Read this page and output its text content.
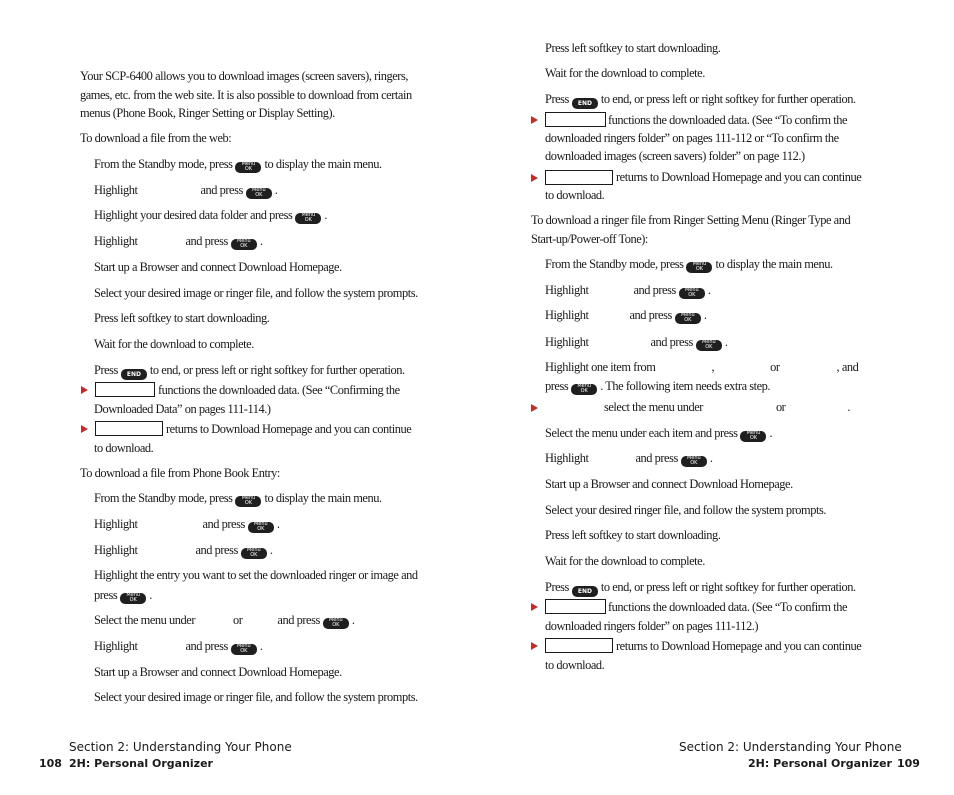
Your SCP-6400 allows you to download images (screen savers), ringers,
games, etc. from the web site. It is also possible to download from certain
menus (Phone Book, Ringer Setting or Display Setting).
To download a file from the web:
From the Standby mode, press Menu
OK to display the main menu.
Highlight	and press Menu
OK .
Highlight your desired data folder and press Menu
OK .
Highlight	and press Menu
OK .
Start up a Browser and connect Download Homepage.
Select your desired image or ringer file, and follow the system prompts.
Press left softkey to start downloading.
Wait for the download to complete.
Press END to end, or press left or right softkey for further operation.
functions the downloaded data. (See “Confirming the
Downloaded Data” on pages 111-114.)
returns to Download Homepage and you can continue
to download.
To download a file from Phone Book Entry:
From the Standby mode, press Menu
OK to display the main menu.
Highlight	and press Menu
OK .
Highlight	and press Menu
OK .
Highlight the entry you want to set the downloaded ringer or image and
press Menu
OK .
Select the menu under	or	and press Menu
OK .
Highlight	and press Menu
OK .
Start up a Browser and connect Download Homepage.
Select your desired image or ringer file, and follow the system prompts.
Section 2: Understanding Your Phone
108 2H: Personal Organizer
Press left softkey to start downloading.
Wait for the download to complete.
Press END to end, or press left or right softkey for further operation.
functions the downloaded data. (See “To confirm the
downloaded ringers folder” on pages 111-112 or “To confirm the
downloaded images (screen savers) folder” on page 112.)
returns to Download Homepage and you can continue
to download.
To download a ringer file from Ringer Setting Menu (Ringer Type and
Start-up/Power-off Tone):
From the Standby mode, press Menu
OK to display the main menu.
Highlight	and press Menu
OK .
Highlight	and press Menu
OK .
Highlight	and press Menu
OK .
Highlight one item from	,	or	, and
press Menu
OK . The following item needs extra step.
select the menu under	or	.
Select the menu under each item and press Menu
OK .
Highlight	and press Menu
OK .
Start up a Browser and connect Download Homepage.
Select your desired ringer file, and follow the system prompts.
Press left softkey to start downloading.
Wait for the download to complete.
Press END to end, or press left or right softkey for further operation.
functions the downloaded data. (See “To confirm the
downloaded ringers folder” on pages 111-112.)
returns to Download Homepage and you can continue
to download.
Section 2: Understanding Your Phone
2H: Personal Organizer 109
